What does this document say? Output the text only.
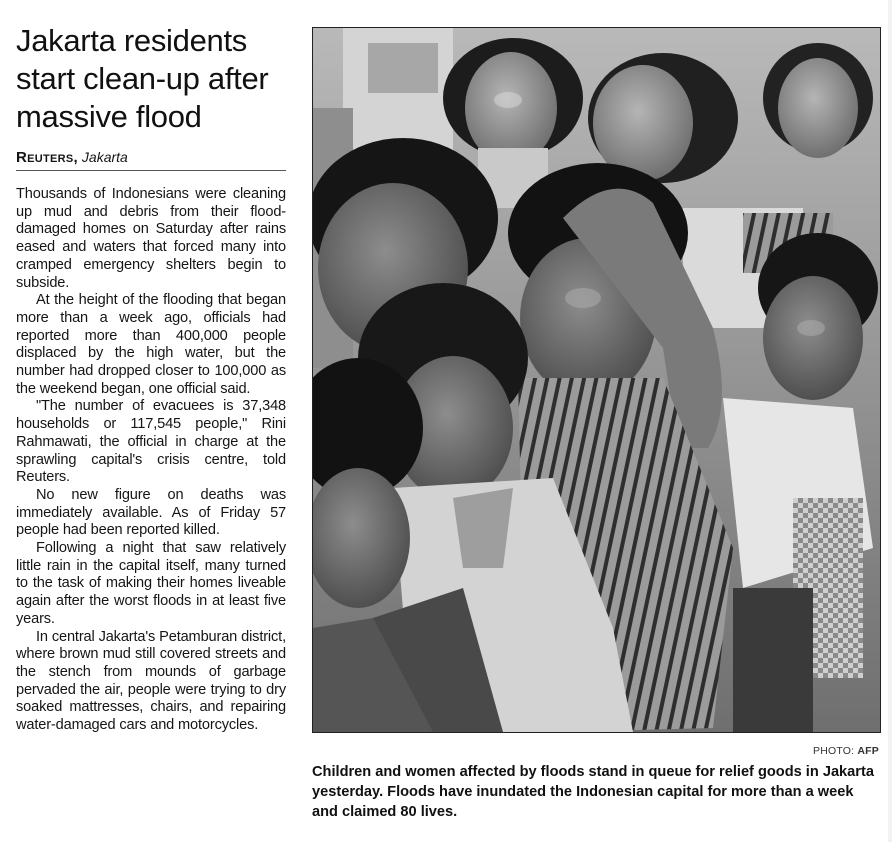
Jakarta residents start clean-up after massive flood
Reuters, Jakarta

Thousands of Indonesians were cleaning up mud and debris from their flood-damaged homes on Saturday after rains eased and waters that forced many into cramped emergency shelters begin to subside.

At the height of the flooding that began more than a week ago, officials had reported more than 400,000 people displaced by the high water, but the number had dropped closer to 100,000 as the weekend began, one official said.

"The number of evacuees is 37,348 households or 117,545 people," Rini Rahmawati, the official in charge at the sprawling capital's crisis centre, told Reuters.

No new figure on deaths was immediately available. As of Friday 57 people had been reported killed.

Following a night that saw relatively little rain in the capital itself, many turned to the task of making their homes liveable again after the worst floods in at least five years.

In central Jakarta's Petamburan district, where brown mud still covered streets and the stench from mounds of garbage pervaded the air, people were trying to dry soaked mattresses, chairs, and repairing water-damaged cars and motorcycles.

PHOTO: AFP

Children and women affected by floods stand in queue for relief goods in Jakarta yesterday. Floods have inundated the Indonesian capital for more than a week and claimed 80 lives.
